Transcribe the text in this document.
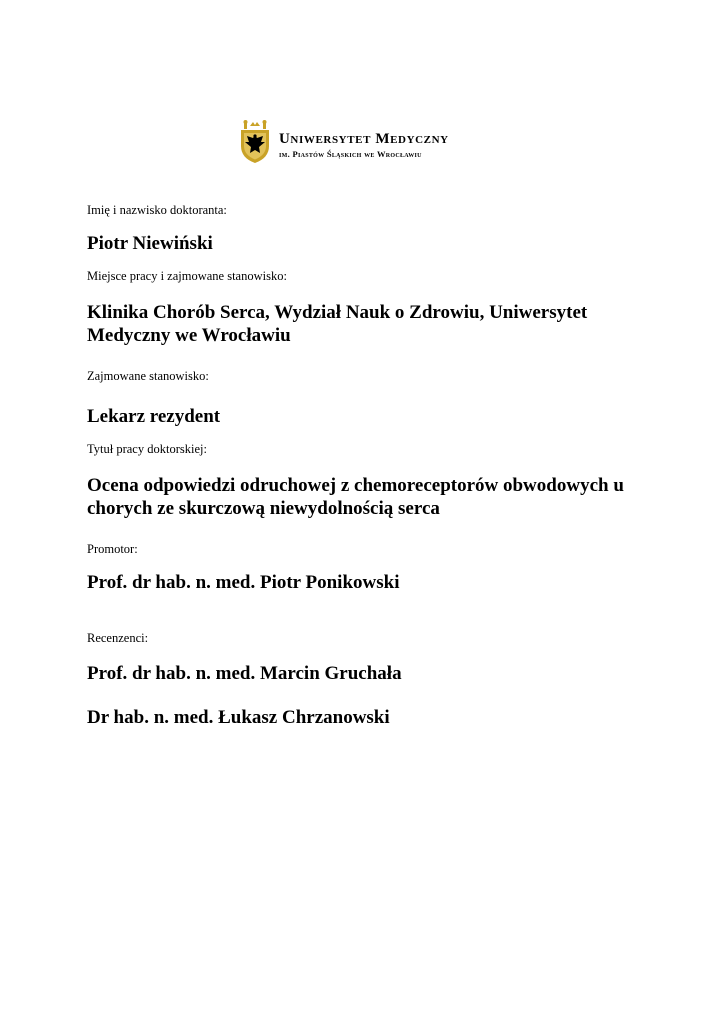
Uniwersytet Medyczny
im. Piastów Śląskich we Wrocławiu
Imię i nazwisko doktoranta:
Piotr Niewiński
Miejsce pracy i zajmowane stanowisko:
Klinika Chorób Serca, Wydział Nauk o Zdrowiu, Uniwersytet Medyczny we Wrocławiu
Zajmowane stanowisko:
Lekarz rezydent
Tytuł pracy doktorskiej:
Ocena odpowiedzi odruchowej z chemoreceptorów obwodowych u chorych ze skurczową niewydolnością serca
Promotor:
Prof. dr hab. n. med. Piotr Ponikowski
Recenzenci:
Prof. dr hab. n. med. Marcin Gruchała
Dr hab. n. med. Łukasz Chrzanowski
